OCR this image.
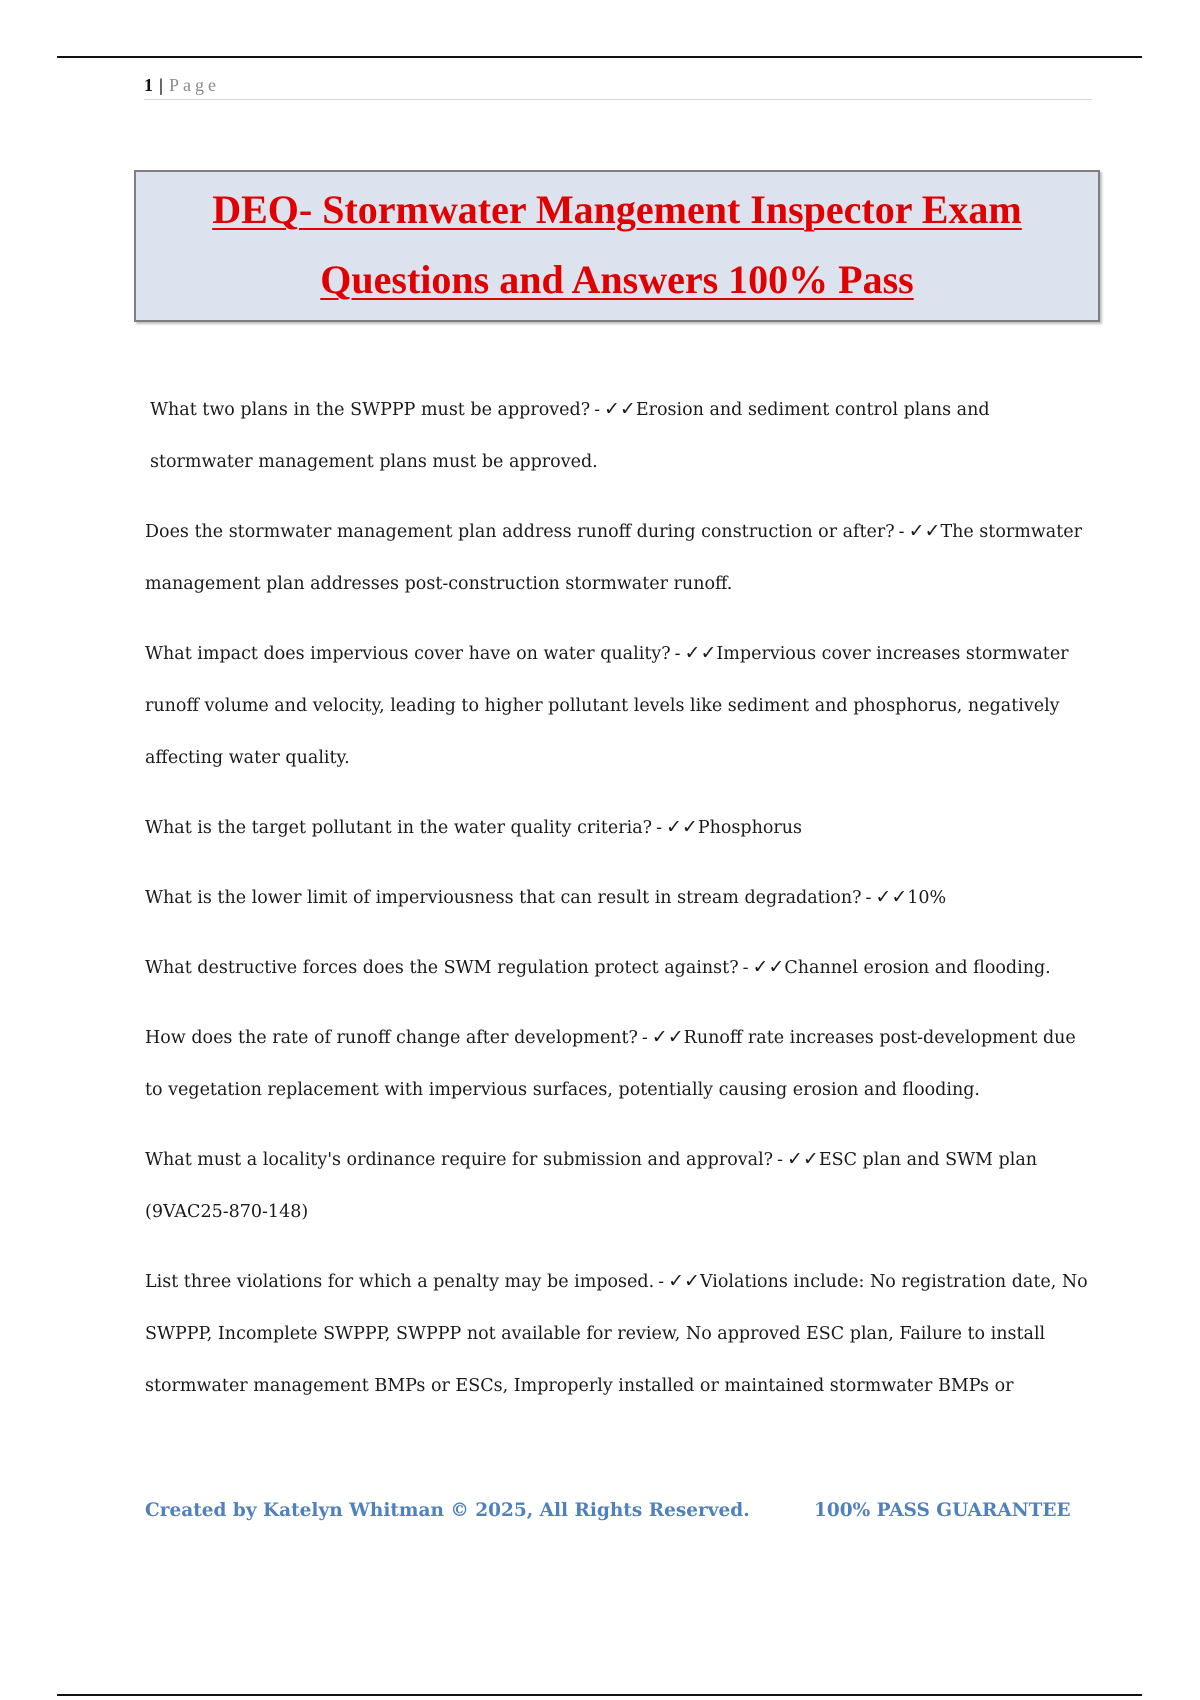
1 | Page
DEQ- Stormwater Mangement Inspector Exam
Questions and Answers 100% Pass

What two plans in the SWPPP must be approved? - ✓✓Erosion and sediment control plans and stormwater management plans must be approved.

Does the stormwater management plan address runoff during construction or after? - ✓✓The stormwater management plan addresses post-construction stormwater runoff.

What impact does impervious cover have on water quality? - ✓✓Impervious cover increases stormwater runoff volume and velocity, leading to higher pollutant levels like sediment and phosphorus, negatively affecting water quality.

What is the target pollutant in the water quality criteria? - ✓✓Phosphorus

What is the lower limit of imperviousness that can result in stream degradation? - ✓✓10%

What destructive forces does the SWM regulation protect against? - ✓✓Channel erosion and flooding.

How does the rate of runoff change after development? - ✓✓Runoff rate increases post-development due to vegetation replacement with impervious surfaces, potentially causing erosion and flooding.

What must a locality's ordinance require for submission and approval? - ✓✓ESC plan and SWM plan (9VAC25-870-148)

List three violations for which a penalty may be imposed. - ✓✓Violations include: No registration date, No SWPPP, Incomplete SWPPP, SWPPP not available for review, No approved ESC plan, Failure to install stormwater management BMPs or ESCs, Improperly installed or maintained stormwater BMPs or

Created by Katelyn Whitman © 2025, All Rights Reserved.	100% PASS GUARANTEE
